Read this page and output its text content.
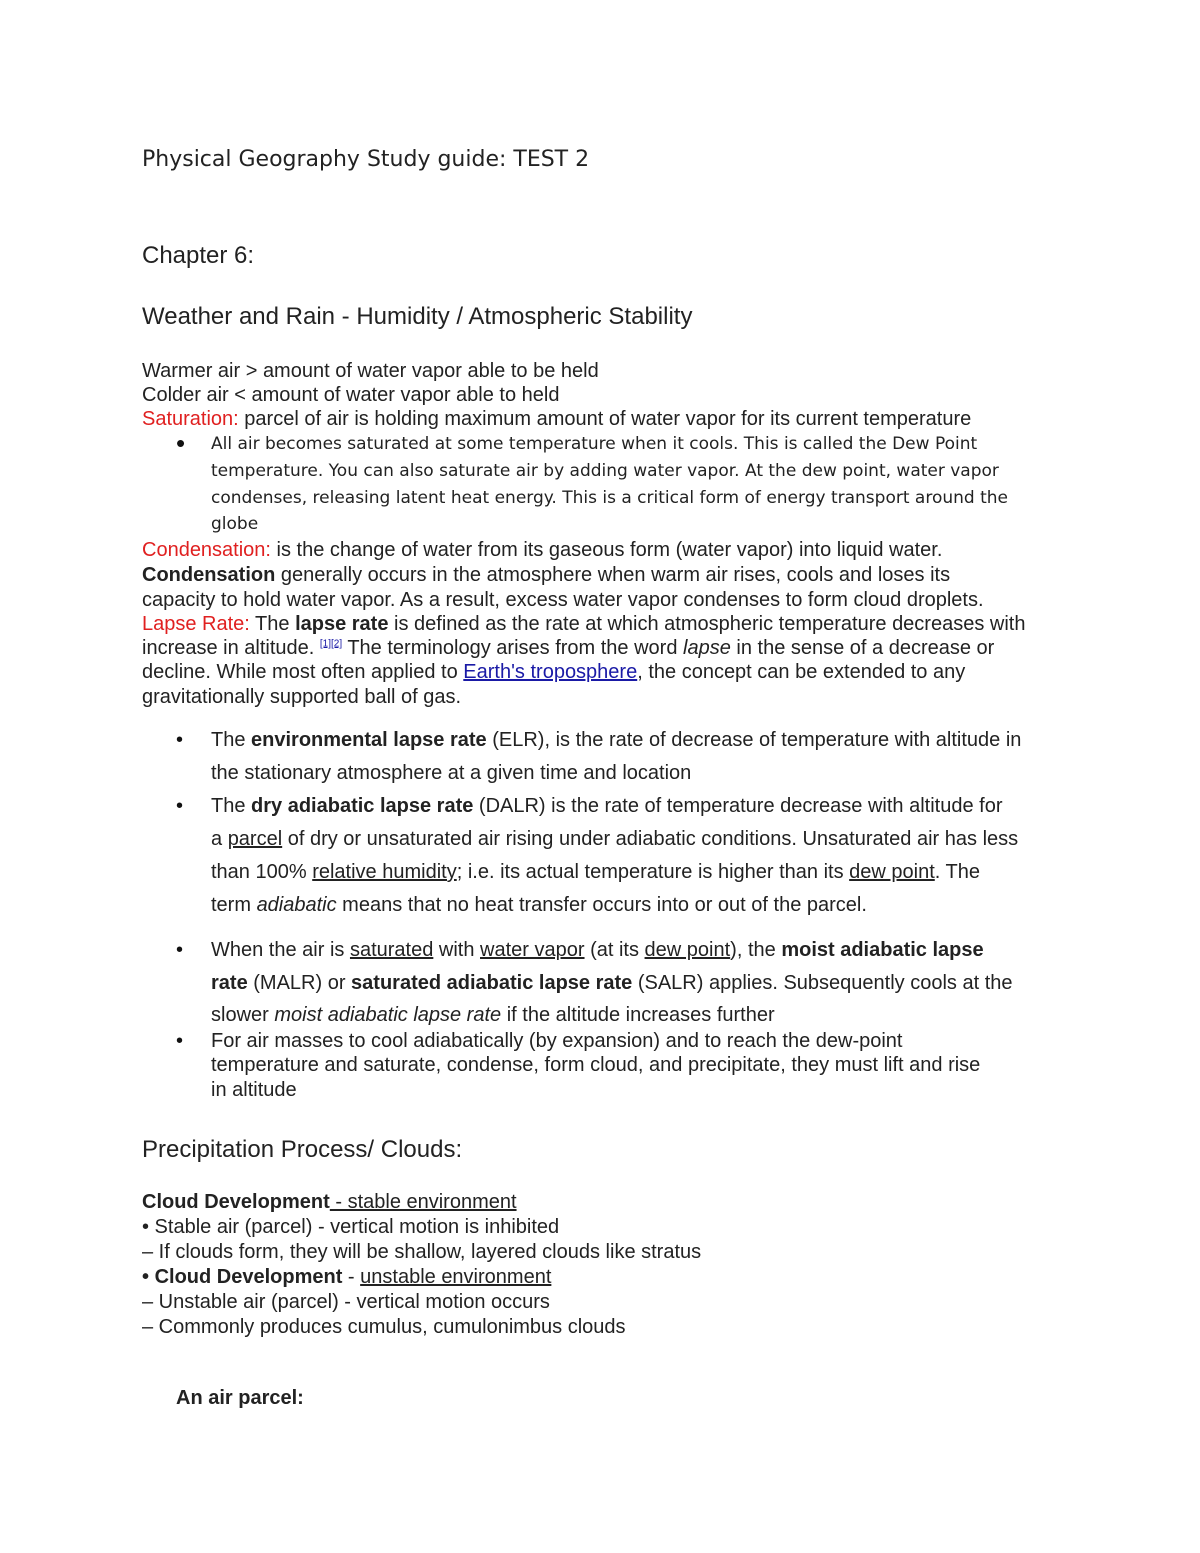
Physical Geography Study guide: TEST 2
Chapter 6:
Weather and Rain - Humidity / Atmospheric Stability
Warmer air > amount of water vapor able to be held
Colder air < amount of water vapor able to held
Saturation: parcel of air is holding maximum amount of water vapor for its current temperature
• All air becomes saturated at some temperature when it cools. This is called the Dew Point
temperature. You can also saturate air by adding water vapor. At the dew point, water vapor
condenses, releasing latent heat energy. This is a critical form of energy transport around the
globe
Condensation: is the change of water from its gaseous form (water vapor) into liquid water.
Condensation generally occurs in the atmosphere when warm air rises, cools and loses its
capacity to hold water vapor. As a result, excess water vapor condenses to form cloud droplets.
Lapse Rate: The lapse rate is defined as the rate at which atmospheric temperature decreases with
increase in altitude. [1][2] The terminology arises from the word lapse in the sense of a decrease or
decline. While most often applied to Earth's troposphere, the concept can be extended to any
gravitationally supported ball of gas.
• The environmental lapse rate (ELR), is the rate of decrease of temperature with altitude in
the stationary atmosphere at a given time and location
• The dry adiabatic lapse rate (DALR) is the rate of temperature decrease with altitude for
a parcel of dry or unsaturated air rising under adiabatic conditions. Unsaturated air has less
than 100% relative humidity; i.e. its actual temperature is higher than its dew point. The
term adiabatic means that no heat transfer occurs into or out of the parcel.
• When the air is saturated with water vapor (at its dew point), the moist adiabatic lapse
rate (MALR) or saturated adiabatic lapse rate (SALR) applies. Subsequently cools at the
slower moist adiabatic lapse rate if the altitude increases further
• For air masses to cool adiabatically (by expansion) and to reach the dew-point
temperature and saturate, condense, form cloud, and precipitate, they must lift and rise
in altitude
Precipitation Process/ Clouds:
Cloud Development - stable environment
• Stable air (parcel) - vertical motion is inhibited
– If clouds form, they will be shallow, layered clouds like stratus
• Cloud Development - unstable environment
– Unstable air (parcel) - vertical motion occurs
– Commonly produces cumulus, cumulonimbus clouds
An air parcel:
